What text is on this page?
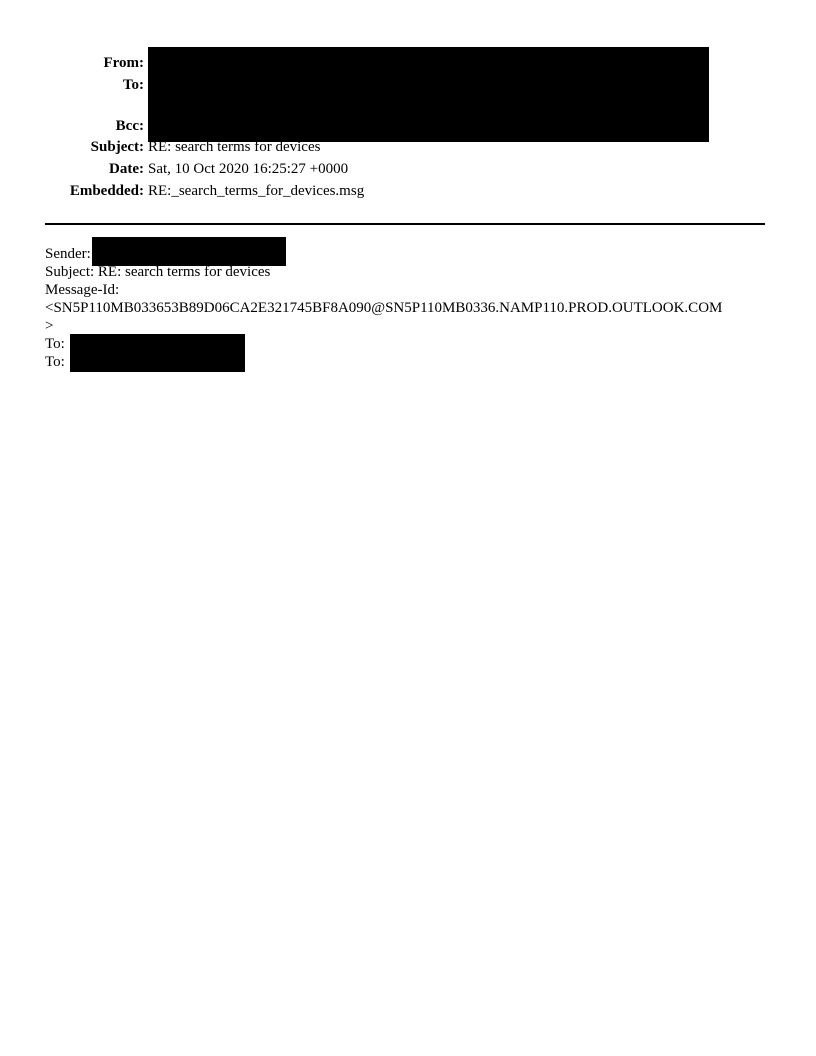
From:
To:
Bcc:
Subject: RE: search terms for devices
Date: Sat, 10 Oct 2020 16:25:27 +0000
Embedded: RE:_search_terms_for_devices.msg
Sender:
Subject: RE: search terms for devices
Message-Id:
<SN5P110MB033653B89D06CA2E321745BF8A090@SN5P110MB0336.NAMP110.PROD.OUTLOOK.COM
>
To:
To:
